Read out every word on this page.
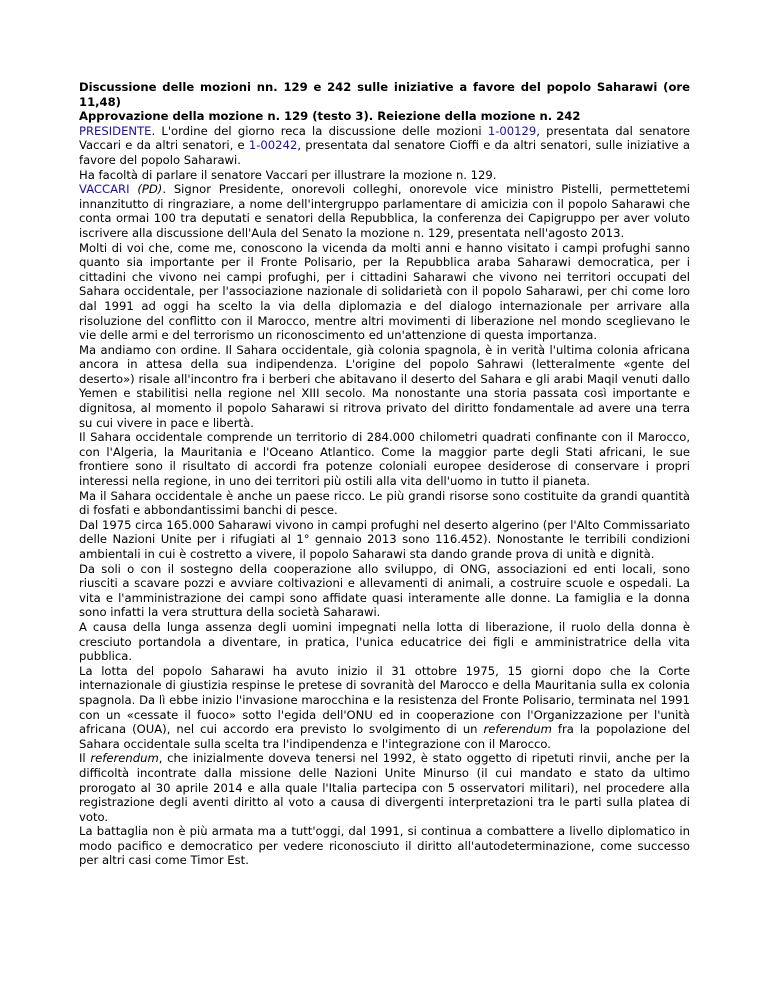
Discussione delle mozioni nn. 129 e 242 sulle iniziative a favore del popolo Saharawi (ore 11,48)

Approvazione della mozione n. 129 (testo 3). Reiezione della mozione n. 242

PRESIDENTE. L'ordine del giorno reca la discussione delle mozioni 1-00129, presentata dal senatore Vaccari e da altri senatori, e 1-00242, presentata dal senatore Cioffi e da altri senatori, sulle iniziative a favore del popolo Saharawi.

Ha facoltà di parlare il senatore Vaccari per illustrare la mozione n. 129.

VACCARI (PD). Signor Presidente, onorevoli colleghi, onorevole vice ministro Pistelli, permettetemi innanzitutto di ringraziare, a nome dell'intergruppo parlamentare di amicizia con il popolo Saharawi che conta ormai 100 tra deputati e senatori della Repubblica, la conferenza dei Capigruppo per aver voluto iscrivere alla discussione dell'Aula del Senato la mozione n. 129, presentata nell'agosto 2013.

Molti di voi che, come me, conoscono la vicenda da molti anni e hanno visitato i campi profughi sanno quanto sia importante per il Fronte Polisario, per la Repubblica araba Saharawi democratica, per i cittadini che vivono nei campi profughi, per i cittadini Saharawi che vivono nei territori occupati del Sahara occidentale, per l'associazione nazionale di solidarietà con il popolo Saharawi, per chi come loro dal 1991 ad oggi ha scelto la via della diplomazia e del dialogo internazionale per arrivare alla risoluzione del conflitto con il Marocco, mentre altri movimenti di liberazione nel mondo sceglievano le vie delle armi e del terrorismo un riconoscimento ed un'attenzione di questa importanza.

Ma andiamo con ordine. Il Sahara occidentale, già colonia spagnola, è in verità l'ultima colonia africana ancora in attesa della sua indipendenza. L'origine del popolo Sahrawi (letteralmente «gente del deserto») risale all'incontro fra i berberi che abitavano il deserto del Sahara e gli arabi Maqil venuti dallo Yemen e stabilitisi nella regione nel XIII secolo. Ma nonostante una storia passata così importante e dignitosa, al momento il popolo Saharawi si ritrova privato del diritto fondamentale ad avere una terra su cui vivere in pace e libertà.

Il Sahara occidentale comprende un territorio di 284.000 chilometri quadrati confinante con il Marocco, con l'Algeria, la Mauritania e l'Oceano Atlantico. Come la maggior parte degli Stati africani, le sue frontiere sono il risultato di accordi fra potenze coloniali europee desiderose di conservare i propri interessi nella regione, in uno dei territori più ostili alla vita dell'uomo in tutto il pianeta.

Ma il Sahara occidentale è anche un paese ricco. Le più grandi risorse sono costituite da grandi quantità di fosfati e abbondantissimi banchi di pesce.

Dal 1975 circa 165.000 Saharawi vivono in campi profughi nel deserto algerino (per l'Alto Commissariato delle Nazioni Unite per i rifugiati al 1° gennaio 2013 sono 116.452). Nonostante le terribili condizioni ambientali in cui è costretto a vivere, il popolo Saharawi sta dando grande prova di unità e dignità.

Da soli o con il sostegno della cooperazione allo sviluppo, di ONG, associazioni ed enti locali, sono riusciti a scavare pozzi e avviare coltivazioni e allevamenti di animali, a costruire scuole e ospedali. La vita e l'amministrazione dei campi sono affidate quasi interamente alle donne. La famiglia e la donna sono infatti la vera struttura della società Saharawi.

A causa della lunga assenza degli uomini impegnati nella lotta di liberazione, il ruolo della donna è cresciuto portandola a diventare, in pratica, l'unica educatrice dei figli e amministratrice della vita pubblica.

La lotta del popolo Saharawi ha avuto inizio il 31 ottobre 1975, 15 giorni dopo che la Corte internazionale di giustizia respinse le pretese di sovranità del Marocco e della Mauritania sulla ex colonia spagnola. Da lì ebbe inizio l'invasione marocchina e la resistenza del Fronte Polisario, terminata nel 1991 con un «cessate il fuoco» sotto l'egida dell'ONU ed in cooperazione con l'Organizzazione per l'unità africana (OUA), nel cui accordo era previsto lo svolgimento di un referendum fra la popolazione del Sahara occidentale sulla scelta tra l'indipendenza e l'integrazione con il Marocco.

Il referendum, che inizialmente doveva tenersi nel 1992, è stato oggetto di ripetuti rinvii, anche per la difficoltà incontrate dalla missione delle Nazioni Unite Minurso (il cui mandato e stato da ultimo prorogato al 30 aprile 2014 e alla quale l'Italia partecipa con 5 osservatori militari), nel procedere alla registrazione degli aventi diritto al voto a causa di divergenti interpretazioni tra le parti sulla platea di voto.

La battaglia non è più armata ma a tutt'oggi, dal 1991, si continua a combattere a livello diplomatico in modo pacifico e democratico per vedere riconosciuto il diritto all'autodeterminazione, come successo per altri casi come Timor Est.
